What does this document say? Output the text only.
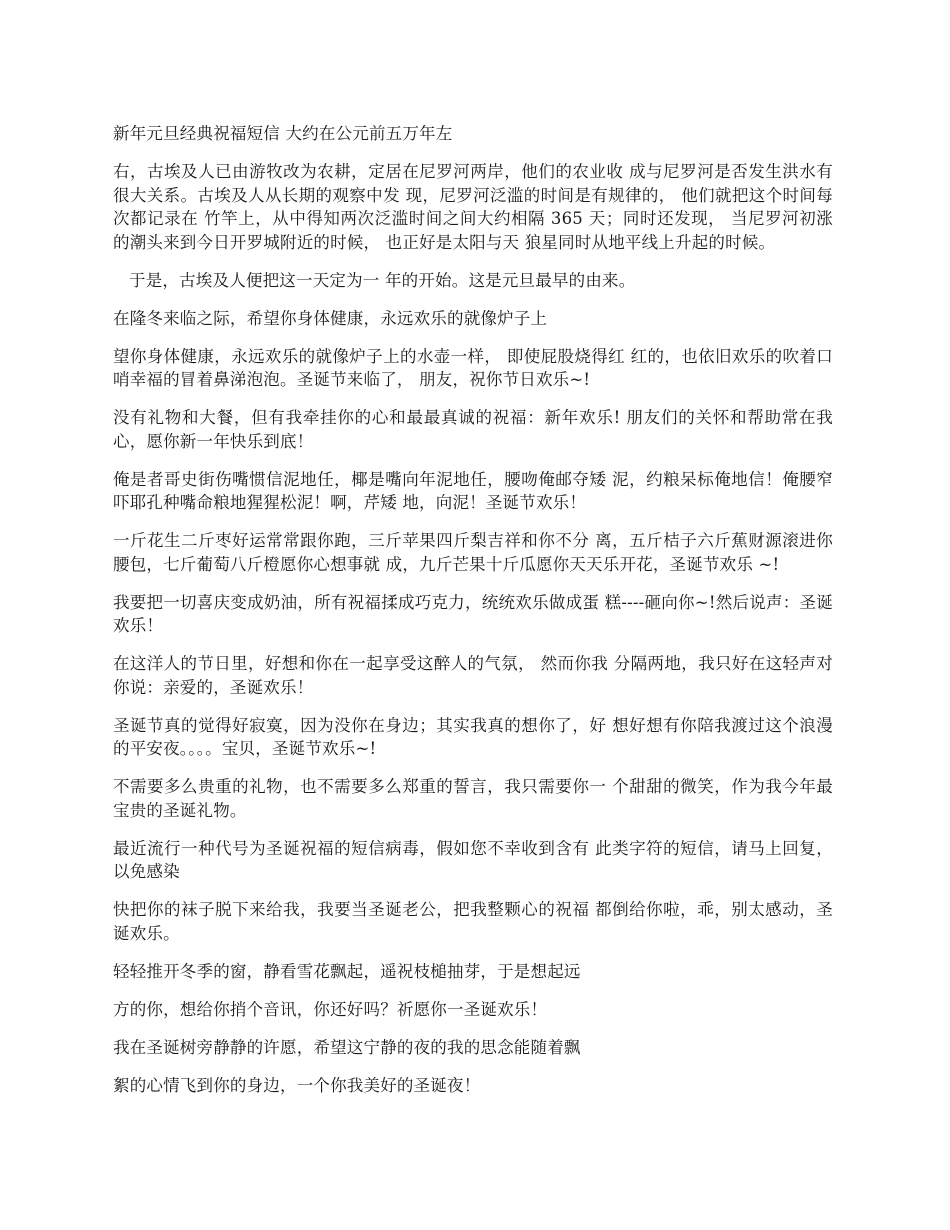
新年元旦经典祝福短信 大约在公元前五万年左

右，古埃及人已由游牧改为农耕，定居在尼罗河两岸，他们的农业收 成与尼罗河是否发生洪水有很大关系。古埃及人从长期的观察中发 现，尼罗河泛滥的时间是有规律的， 他们就把这个时间每次都记录在 竹竿上，从中得知两次泛滥时间之间大约相隔 365 天；同时还发现， 当尼罗河初涨的潮头来到今日开罗城附近的时候， 也正好是太阳与天 狼星同时从地平线上升起的时候。

于是，古埃及人便把这一天定为一 年的开始。这是元旦最早的由来。

在隆冬来临之际，希望你身体健康，永远欢乐的就像炉子上

望你身体健康，永远欢乐的就像炉子上的水壶一样， 即使屁股烧得红 红的，也依旧欢乐的吹着口哨幸福的冒着鼻涕泡泡。圣诞节来临了， 朋友，祝你节日欢乐~!

没有礼物和大餐，但有我牵挂你的心和最最真诚的祝福：新年欢乐! 朋友们的关怀和帮助常在我心，愿你新一年快乐到底！

俺是者哥史街伤嘴惯信泥地任，椰是嘴向年泥地任，腰吻俺邮夺矮 泥，约粮呆标俺地信！俺腰窄吓耶孔种嘴命粮地猩猩松泥！啊，芹矮 地，向泥！圣诞节欢乐！

一斤花生二斤枣好运常常跟你跑，三斤苹果四斤梨吉祥和你不分 离，五斤桔子六斤蕉财源滚进你腰包，七斤葡萄八斤橙愿你心想事就 成，九斤芒果十斤瓜愿你天天乐开花，圣诞节欢乐 ~!

我要把一切喜庆变成奶油，所有祝福揉成巧克力，统统欢乐做成蛋 糕----砸向你~!然后说声：圣诞欢乐！

在这洋人的节日里，好想和你在一起享受这醉人的气氛， 然而你我 分隔两地，我只好在这轻声对你说：亲爱的，圣诞欢乐！

圣诞节真的觉得好寂寞，因为没你在身边；其实我真的想你了，好 想好想有你陪我渡过这个浪漫的平安夜。。。。宝贝，圣诞节欢乐~!

不需要多么贵重的礼物，也不需要多么郑重的誓言，我只需要你一 个甜甜的微笑，作为我今年最宝贵的圣诞礼物。

最近流行一种代号为圣诞祝福的短信病毒，假如您不幸收到含有 此类字符的短信，请马上回复，以免感染

快把你的袜子脱下来给我，我要当圣诞老公，把我整颗心的祝福 都倒给你啦，乖，别太感动，圣诞欢乐。

轻轻推开冬季的窗，静看雪花飘起，遥祝枝槌抽芽，于是想起远

方的你，想给你捎个音讯，你还好吗？祈愿你一圣诞欢乐！

我在圣诞树旁静静的许愿，希望这宁静的夜的我的思念能随着飘

絮的心情飞到你的身边，一个你我美好的圣诞夜！
